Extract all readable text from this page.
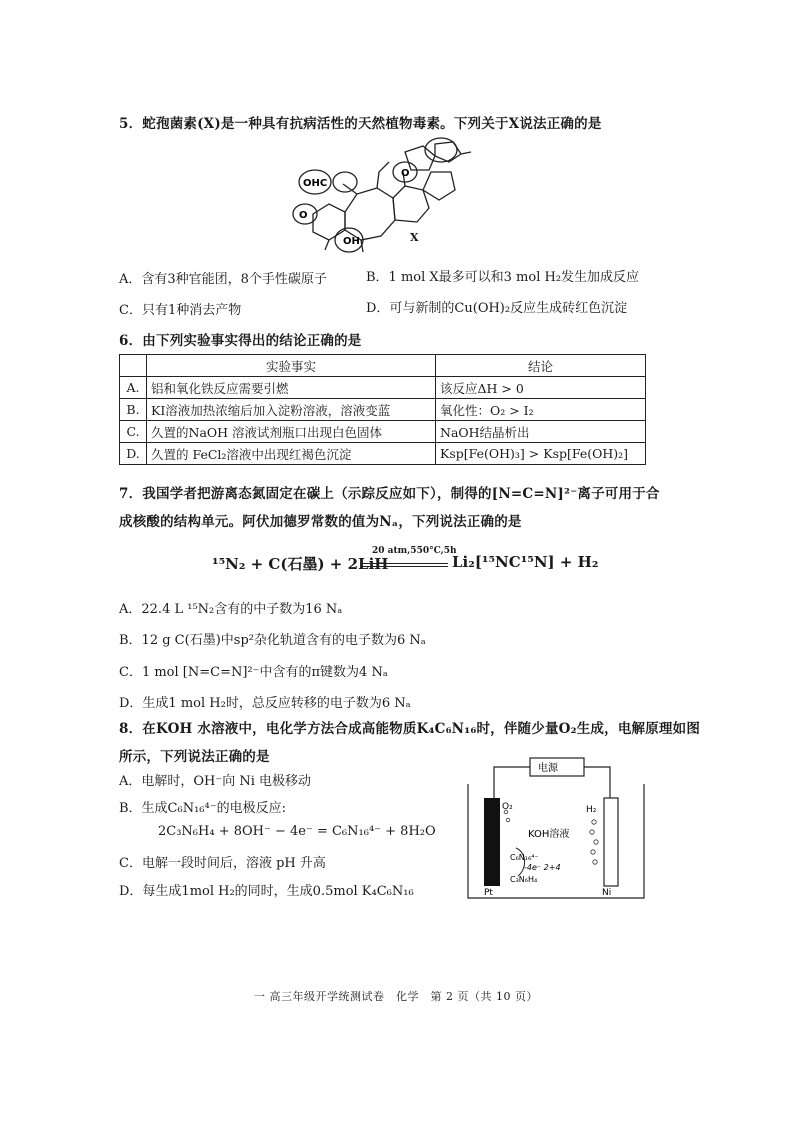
5．蛇孢菌素(X)是一种具有抗病活性的天然植物毒素。下列关于X说法正确的是
OHC
O
O
OH	X
A．含有3种官能团，8个手性碳原子	B．1 mol X最多可以和3 mol H₂发生加成反应
C．只有1种消去产物	D．可与新制的Cu(OH)₂反应生成砖红色沉淀
6．由下列实验事实得出的结论正确的是
	实验事实	结论
A.	铝和氧化铁反应需要引燃	该反应ΔH > 0
B.	KI溶液加热浓缩后加入淀粉溶液，溶液变蓝	氧化性：O₂ > I₂
C.	久置的NaOH 溶液试剂瓶口出现白色固体	NaOH结晶析出
D.	久置的 FeCl₂溶液中出现红褐色沉淀	Ksp[Fe(OH)₃] > Ksp[Fe(OH)₂]
7．我国学者把游离态氮固定在碳上（示踪反应如下），制得的[N=C=N]²⁻离子可用于合
成核酸的结构单元。阿伏加德罗常数的值为Nₐ，下列说法正确的是
¹⁵N₂ + C(石墨) + 2LiH
20 atm,550°C,5h
Li₂[¹⁵NC¹⁵N] + H₂
A．22.4 L ¹⁵N₂含有的中子数为16 Nₐ
B．12 g C(石墨)中sp²杂化轨道含有的电子数为6 Nₐ
C．1 mol [N=C=N]²⁻中含有的π键数为4 Nₐ
D．生成1 mol H₂时，总反应转移的电子数为6 Nₐ
8．在KOH 水溶液中，电化学方法合成高能物质K₄C₆N₁₆时，伴随少量O₂生成，电解原理如图
所示，下列说法正确的是
A．电解时，OH⁻向 Ni 电极移动
B．生成C₆N₁₆⁴⁻的电极反应:
2C₃N₆H₄ + 8OH⁻ − 4e⁻ = C₆N₁₆⁴⁻ + 8H₂O
C．电解一段时间后，溶液 pH 升高
D．每生成1mol H₂的同时，生成0.5mol K₄C₆N₁₆
电源
KOH溶液
O₂	H₂
C₆N₁₆⁴⁻
-4e⁻ 2+4
C₃N₆H₄
Pt	Ni
一 高三年级开学统测试卷　化学　第 2 页（共 10 页）
